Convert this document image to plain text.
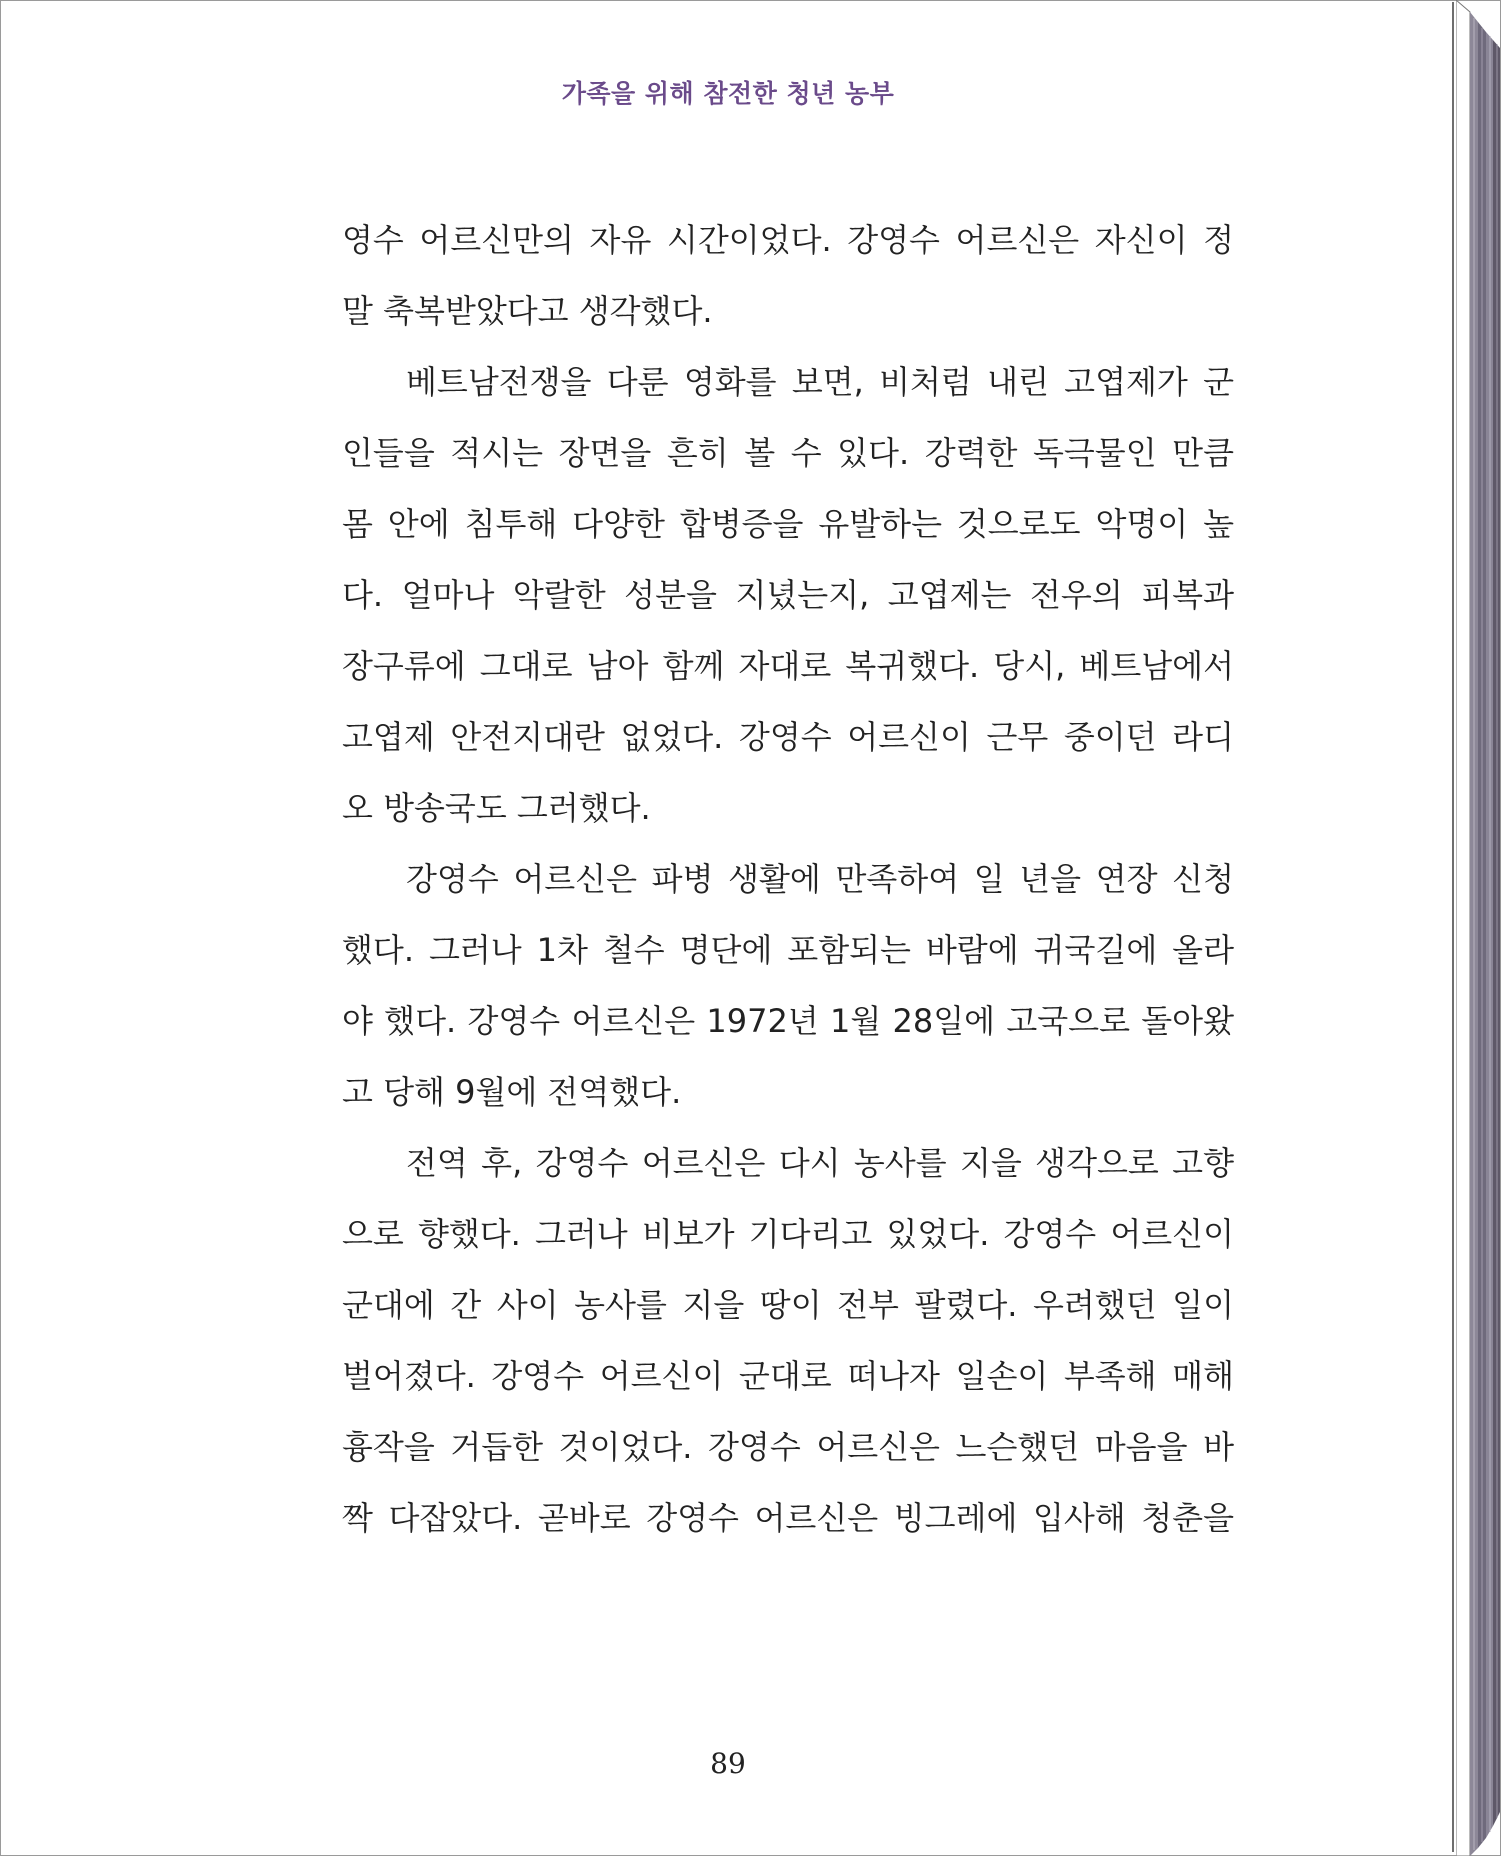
가족을 위해 참전한 청년 농부
영수 어르신만의 자유 시간이었다. 강영수 어르신은 자신이 정
말 축복받았다고 생각했다.
베트남전쟁을 다룬 영화를 보면, 비처럼 내린 고엽제가 군
인들을 적시는 장면을 흔히 볼 수 있다. 강력한 독극물인 만큼
몸 안에 침투해 다양한 합병증을 유발하는 것으로도 악명이 높
다. 얼마나 악랄한 성분을 지녔는지, 고엽제는 전우의 피복과
장구류에 그대로 남아 함께 자대로 복귀했다. 당시, 베트남에서
고엽제 안전지대란 없었다. 강영수 어르신이 근무 중이던 라디
오 방송국도 그러했다.
강영수 어르신은 파병 생활에 만족하여 일 년을 연장 신청
했다. 그러나 1차 철수 명단에 포함되는 바람에 귀국길에 올라
야 했다. 강영수 어르신은 1972년 1월 28일에 고국으로 돌아왔
고 당해 9월에 전역했다.
전역 후, 강영수 어르신은 다시 농사를 지을 생각으로 고향
으로 향했다. 그러나 비보가 기다리고 있었다. 강영수 어르신이
군대에 간 사이 농사를 지을 땅이 전부 팔렸다. 우려했던 일이
벌어졌다. 강영수 어르신이 군대로 떠나자 일손이 부족해 매해
흉작을 거듭한 것이었다. 강영수 어르신은 느슨했던 마음을 바
짝 다잡았다. 곧바로 강영수 어르신은 빙그레에 입사해 청춘을
89
